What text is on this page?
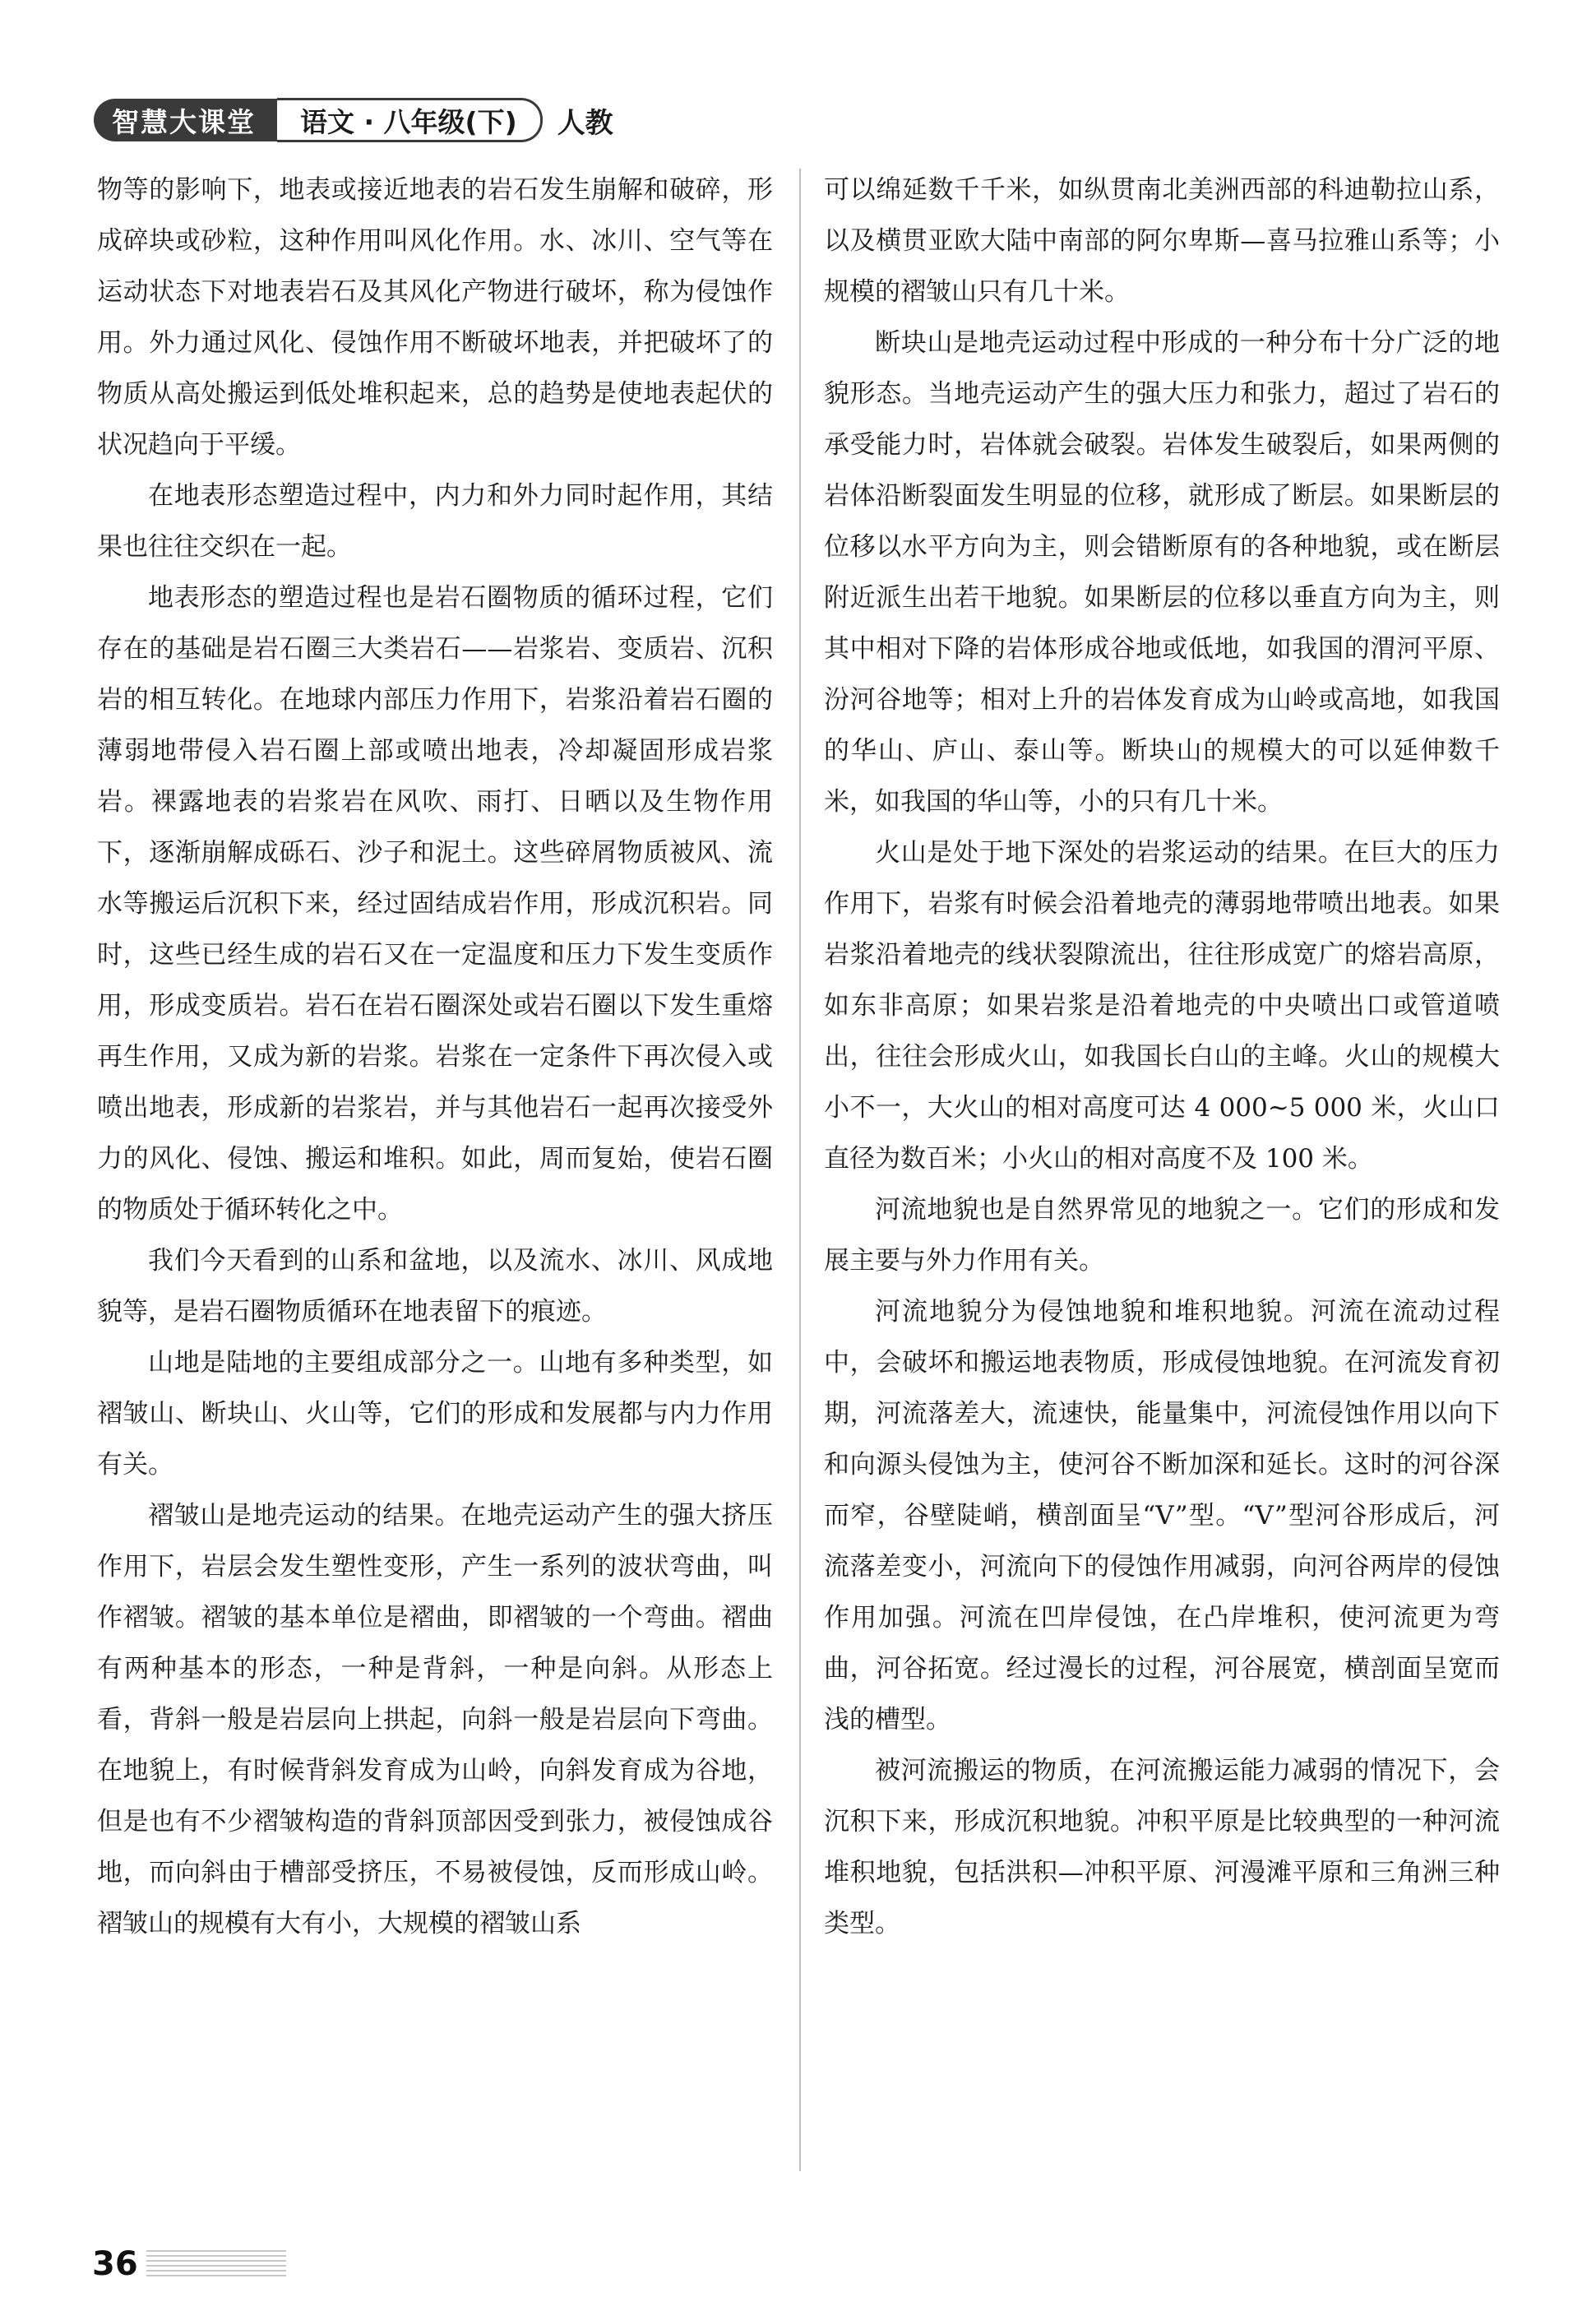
智慧大课堂	语文 · 八年级(下)	人教

物等的影响下，地表或接近地表的岩石发生崩解和破碎，形成碎块或砂粒，这种作用叫风化作用。水、冰川、空气等在运动状态下对地表岩石及其风化产物进行破坏，称为侵蚀作用。外力通过风化、侵蚀作用不断破坏地表，并把破坏了的物质从高处搬运到低处堆积起来，总的趋势是使地表起伏的状况趋向于平缓。

在地表形态塑造过程中，内力和外力同时起作用，其结果也往往交织在一起。

地表形态的塑造过程也是岩石圈物质的循环过程，它们存在的基础是岩石圈三大类岩石——岩浆岩、变质岩、沉积岩的相互转化。在地球内部压力作用下，岩浆沿着岩石圈的薄弱地带侵入岩石圈上部或喷出地表，冷却凝固形成岩浆岩。裸露地表的岩浆岩在风吹、雨打、日晒以及生物作用下，逐渐崩解成砾石、沙子和泥土。这些碎屑物质被风、流水等搬运后沉积下来，经过固结成岩作用，形成沉积岩。同时，这些已经生成的岩石又在一定温度和压力下发生变质作用，形成变质岩。岩石在岩石圈深处或岩石圈以下发生重熔再生作用，又成为新的岩浆。岩浆在一定条件下再次侵入或喷出地表，形成新的岩浆岩，并与其他岩石一起再次接受外力的风化、侵蚀、搬运和堆积。如此，周而复始，使岩石圈的物质处于循环转化之中。

我们今天看到的山系和盆地，以及流水、冰川、风成地貌等，是岩石圈物质循环在地表留下的痕迹。

山地是陆地的主要组成部分之一。山地有多种类型，如褶皱山、断块山、火山等，它们的形成和发展都与内力作用有关。

褶皱山是地壳运动的结果。在地壳运动产生的强大挤压作用下，岩层会发生塑性变形，产生一系列的波状弯曲，叫作褶皱。褶皱的基本单位是褶曲，即褶皱的一个弯曲。褶曲有两种基本的形态，一种是背斜，一种是向斜。从形态上看，背斜一般是岩层向上拱起，向斜一般是岩层向下弯曲。在地貌上，有时候背斜发育成为山岭，向斜发育成为谷地，但是也有不少褶皱构造的背斜顶部因受到张力，被侵蚀成谷地，而向斜由于槽部受挤压，不易被侵蚀，反而形成山岭。褶皱山的规模有大有小，大规模的褶皱山系

可以绵延数千千米，如纵贯南北美洲西部的科迪勒拉山系，以及横贯亚欧大陆中南部的阿尔卑斯—喜马拉雅山系等；小规模的褶皱山只有几十米。

断块山是地壳运动过程中形成的一种分布十分广泛的地貌形态。当地壳运动产生的强大压力和张力，超过了岩石的承受能力时，岩体就会破裂。岩体发生破裂后，如果两侧的岩体沿断裂面发生明显的位移，就形成了断层。如果断层的位移以水平方向为主，则会错断原有的各种地貌，或在断层附近派生出若干地貌。如果断层的位移以垂直方向为主，则其中相对下降的岩体形成谷地或低地，如我国的渭河平原、汾河谷地等；相对上升的岩体发育成为山岭或高地，如我国的华山、庐山、泰山等。断块山的规模大的可以延伸数千米，如我国的华山等，小的只有几十米。

火山是处于地下深处的岩浆运动的结果。在巨大的压力作用下，岩浆有时候会沿着地壳的薄弱地带喷出地表。如果岩浆沿着地壳的线状裂隙流出，往往形成宽广的熔岩高原，如东非高原；如果岩浆是沿着地壳的中央喷出口或管道喷出，往往会形成火山，如我国长白山的主峰。火山的规模大小不一，大火山的相对高度可达 4 000~5 000 米，火山口直径为数百米；小火山的相对高度不及 100 米。

河流地貌也是自然界常见的地貌之一。它们的形成和发展主要与外力作用有关。

河流地貌分为侵蚀地貌和堆积地貌。河流在流动过程中，会破坏和搬运地表物质，形成侵蚀地貌。在河流发育初期，河流落差大，流速快，能量集中，河流侵蚀作用以向下和向源头侵蚀为主，使河谷不断加深和延长。这时的河谷深而窄，谷壁陡峭，横剖面呈“V”型。“V”型河谷形成后，河流落差变小，河流向下的侵蚀作用减弱，向河谷两岸的侵蚀作用加强。河流在凹岸侵蚀，在凸岸堆积，使河流更为弯曲，河谷拓宽。经过漫长的过程，河谷展宽，横剖面呈宽而浅的槽型。

被河流搬运的物质，在河流搬运能力减弱的情况下，会沉积下来，形成沉积地貌。冲积平原是比较典型的一种河流堆积地貌，包括洪积—冲积平原、河漫滩平原和三角洲三种类型。

36
